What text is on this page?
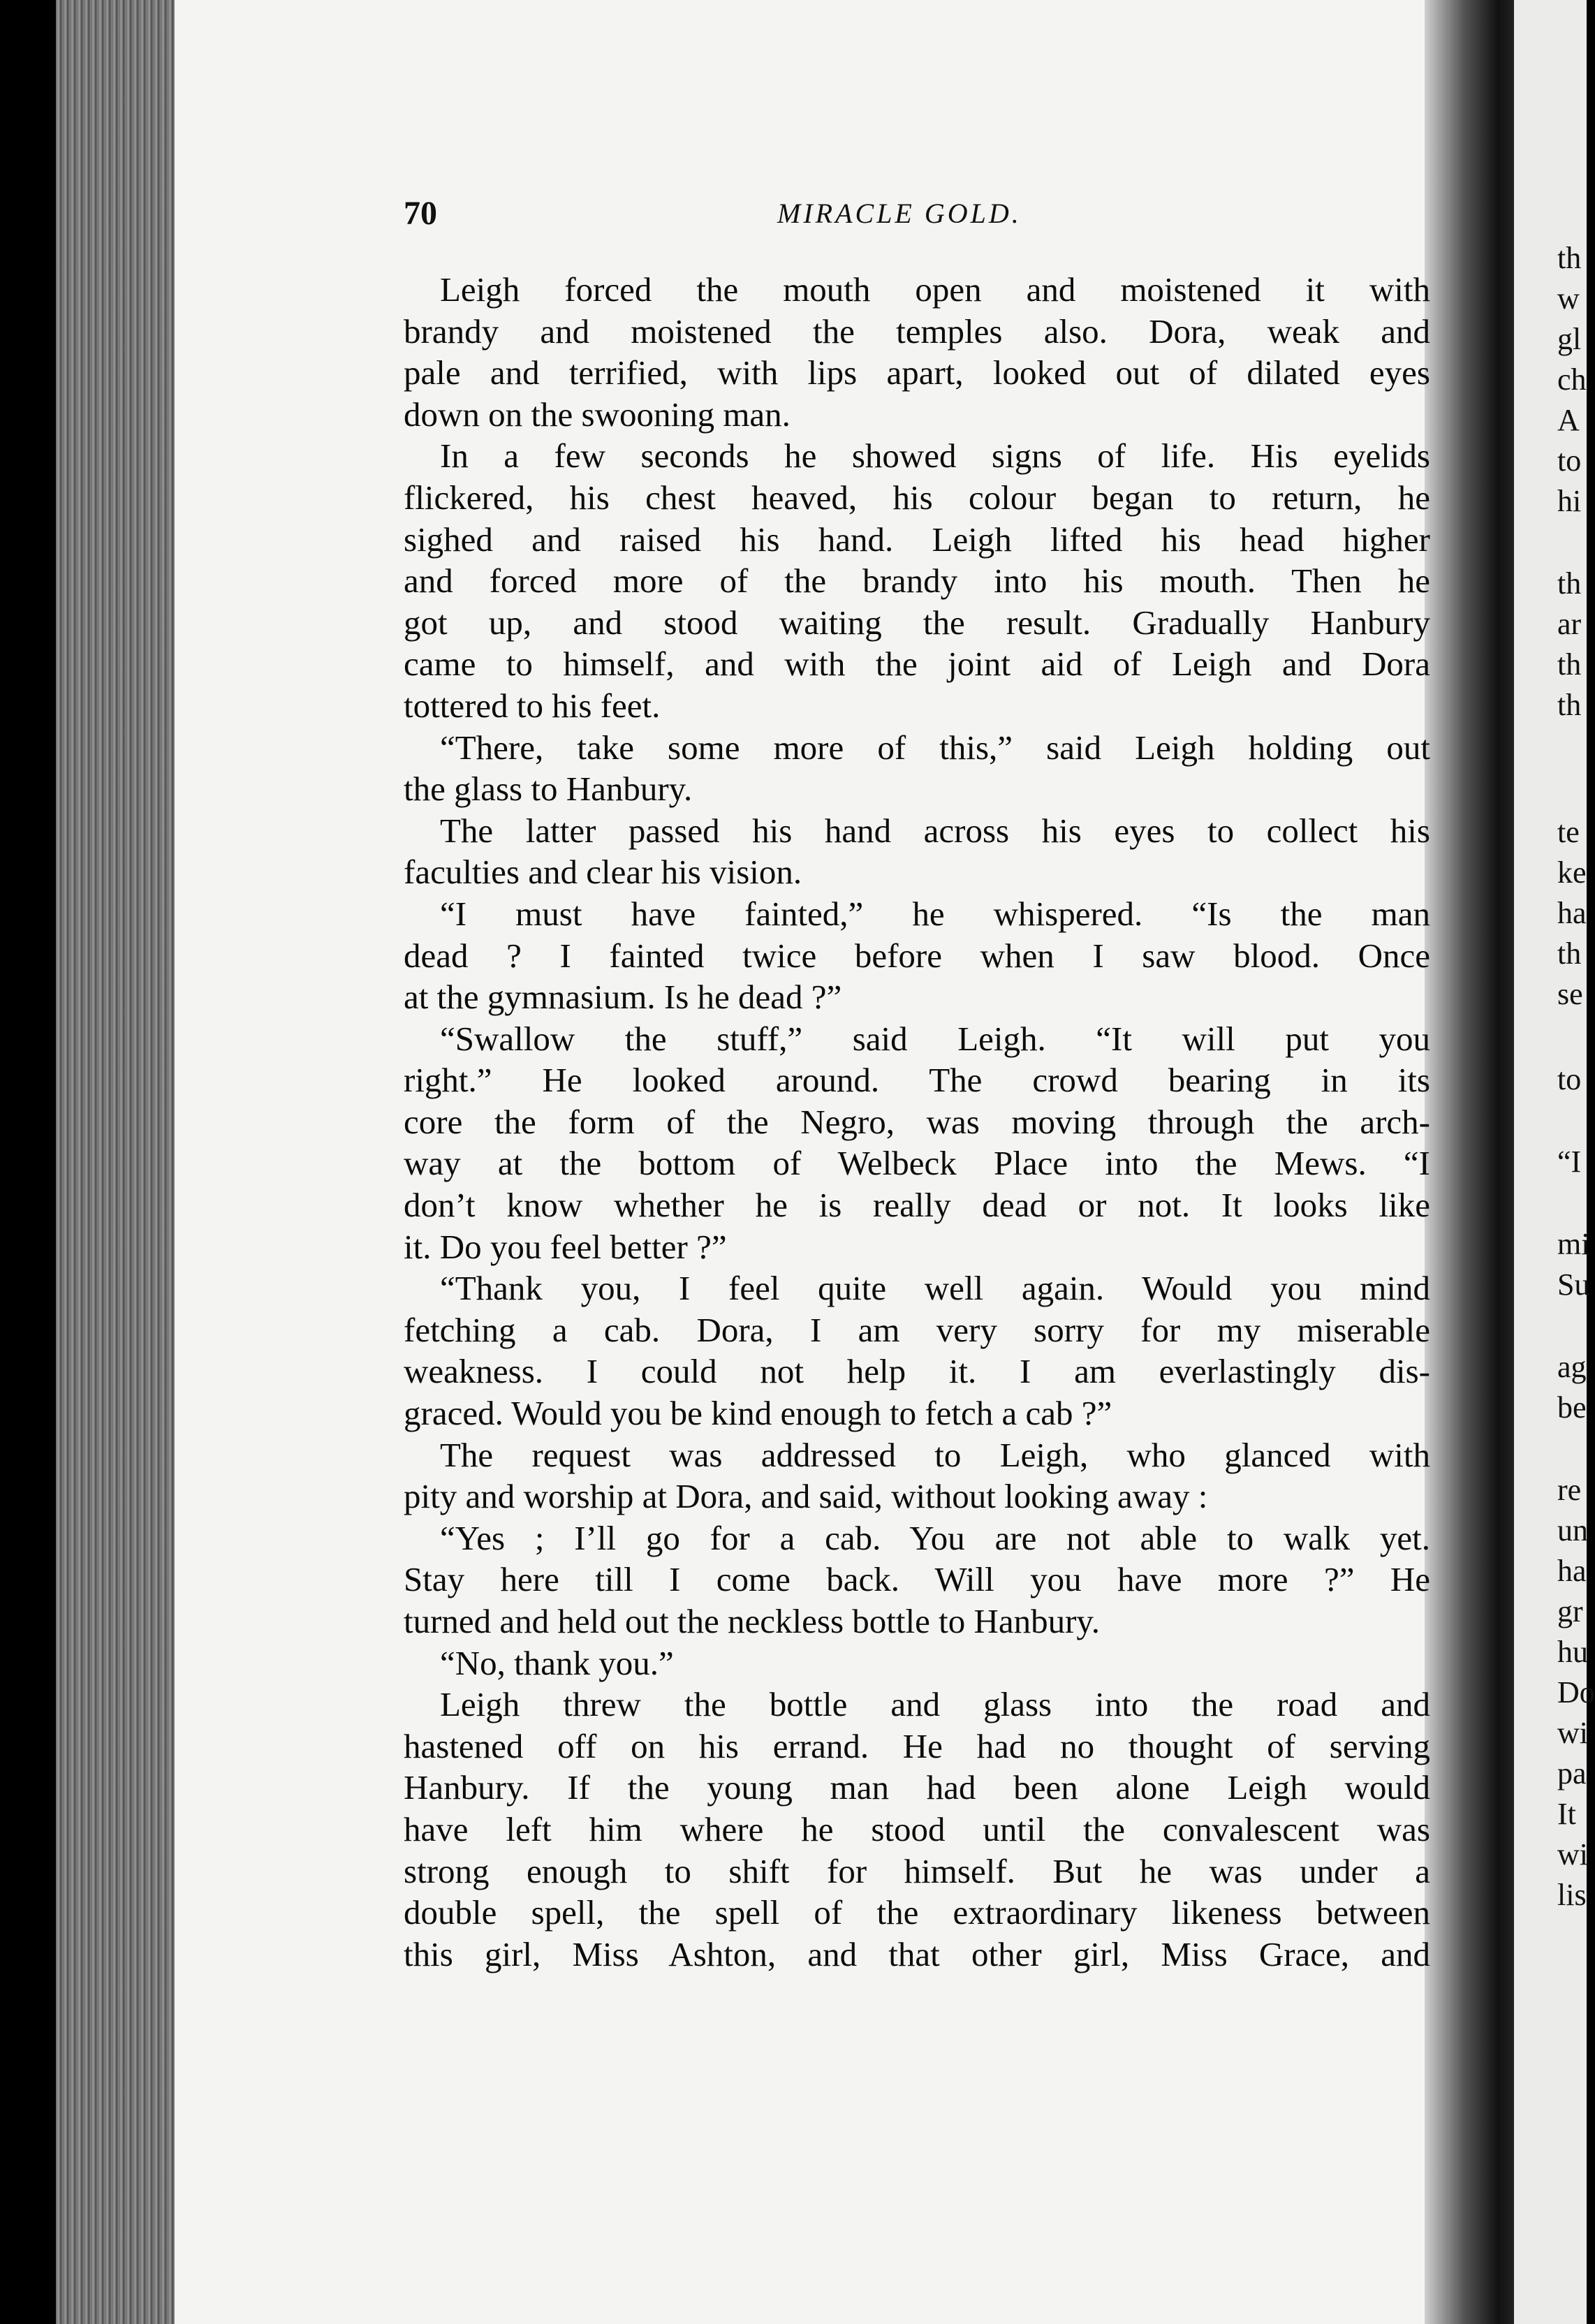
th
w
gl
ch
A
to
hi
th
ar
th
th
te
ke
ha
th
se
to
“I
mi
Su
ag
be
re
un
ha
gr
hu
Do
wi
pa
It
wi
lis
70	MIRACLE GOLD.
Leigh forced the mouth open and moistened it with
brandy and moistened the temples also. Dora, weak and
pale and terrified, with lips apart, looked out of dilated eyes
down on the swooning man.
In a few seconds he showed signs of life. His eyelids
flickered, his chest heaved, his colour began to return, he
sighed and raised his hand. Leigh lifted his head higher
and forced more of the brandy into his mouth. Then he
got up, and stood waiting the result. Gradually Hanbury
came to himself, and with the joint aid of Leigh and Dora
tottered to his feet.
“There, take some more of this,” said Leigh holding out
the glass to Hanbury.
The latter passed his hand across his eyes to collect his
faculties and clear his vision.
“I must have fainted,” he whispered. “Is the man
dead ? I fainted twice before when I saw blood. Once
at the gymnasium. Is he dead ?”
“Swallow the stuff,” said Leigh. “It will put you
right.” He looked around. The crowd bearing in its
core the form of the Negro, was moving through the arch-
way at the bottom of Welbeck Place into the Mews. “I
don’t know whether he is really dead or not. It looks like
it. Do you feel better ?”
“Thank you, I feel quite well again. Would you mind
fetching a cab. Dora, I am very sorry for my miserable
weakness. I could not help it. I am everlastingly dis-
graced. Would you be kind enough to fetch a cab ?”
The request was addressed to Leigh, who glanced with
pity and worship at Dora, and said, without looking away :
“Yes ; I’ll go for a cab. You are not able to walk yet.
Stay here till I come back. Will you have more ?” He
turned and held out the neckless bottle to Hanbury.
“No, thank you.”
Leigh threw the bottle and glass into the road and
hastened off on his errand. He had no thought of serving
Hanbury. If the young man had been alone Leigh would
have left him where he stood until the convalescent was
strong enough to shift for himself. But he was under a
double spell, the spell of the extraordinary likeness between
this girl, Miss Ashton, and that other girl, Miss Grace, and
